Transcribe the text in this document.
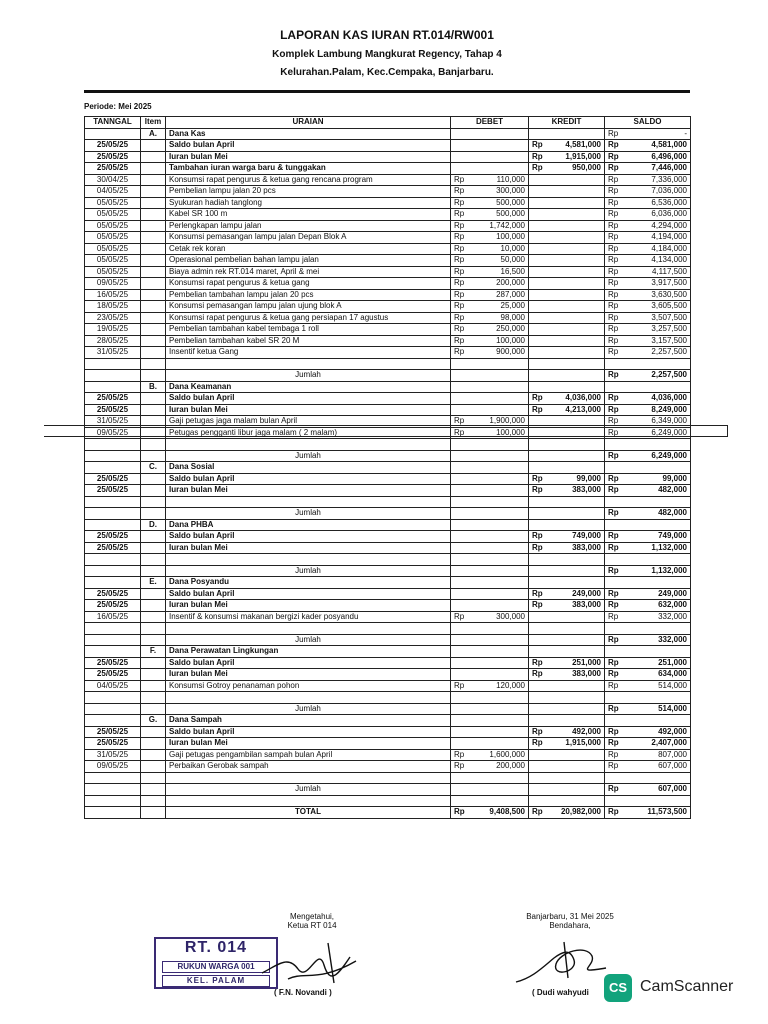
LAPORAN KAS IURAN RT.014/RW001
Komplek Lambung Mangkurat Regency, Tahap 4
Kelurahan.Palam, Kec.Cempaka, Banjarbaru.
Periode: Mei 2025
TANNGAL	Item	URAIAN	DEBET		KREDIT		SALDO	
	A.	Dana Kas					Rp	-
25/05/25		Saldo bulan April			Rp	4,581,000	Rp	4,581,000
25/05/25		Iuran bulan Mei			Rp	1,915,000	Rp	6,496,000
25/05/25		Tambahan iuran warga baru & tunggakan			Rp	950,000	Rp	7,446,000
30/04/25		Konsumsi rapat pengurus & ketua gang rencana program	Rp	110,000			Rp	7,336,000
04/05/25		Pembelian lampu jalan 20 pcs	Rp	300,000			Rp	7,036,000
05/05/25		Syukuran hadiah tanglong	Rp	500,000			Rp	6,536,000
05/05/25		Kabel SR 100 m	Rp	500,000			Rp	6,036,000
05/05/25		Perlengkapan lampu jalan	Rp	1,742,000			Rp	4,294,000
05/05/25		Konsumsi pemasangan lampu jalan Depan Blok A	Rp	100,000			Rp	4,194,000
05/05/25		Cetak rek koran	Rp	10,000			Rp	4,184,000
05/05/25		Operasional pembelian bahan lampu jalan	Rp	50,000			Rp	4,134,000
05/05/25		Biaya admin rek RT.014 maret, April & mei	Rp	16,500			Rp	4,117,500
09/05/25		Konsumsi rapat pengurus & ketua gang	Rp	200,000			Rp	3,917,500
16/05/25		Pembelian tambahan lampu jalan 20 pcs	Rp	287,000			Rp	3,630,500
18/05/25		Konsumsi pemasangan lampu jalan ujung blok A	Rp	25,000			Rp	3,605,500
23/05/25		Konsumsi rapat pengurus & ketua gang persiapan 17 agustus	Rp	98,000			Rp	3,507,500
19/05/25		Pembelian tambahan kabel tembaga 1 roll	Rp	250,000			Rp	3,257,500
28/05/25		Pembelian tambahan kabel SR 20 M	Rp	100,000			Rp	3,157,500
31/05/25		Insentif ketua Gang	Rp	900,000			Rp	2,257,500

		Jumlah					Rp	2,257,500
	B.	Dana Keamanan						
25/05/25		Saldo bulan April			Rp	4,036,000	Rp	4,036,000
25/05/25		Iuran bulan Mei			Rp	4,213,000	Rp	8,249,000
31/05/25		Gaji petugas jaga malam bulan April	Rp	1,900,000			Rp	6,349,000
09/05/25		Petugas pengganti libur jaga malam ( 2 malam)	Rp	100,000			Rp	6,249,000

		Jumlah					Rp	6,249,000
	C.	Dana Sosial						
25/05/25		Saldo bulan April			Rp	99,000	Rp	99,000
25/05/25		Iuran bulan Mei			Rp	383,000	Rp	482,000

		Jumlah					Rp	482,000
	D.	Dana PHBA						
25/05/25		Saldo bulan April			Rp	749,000	Rp	749,000
25/05/25		Iuran bulan Mei			Rp	383,000	Rp	1,132,000

		Jumlah					Rp	1,132,000
	E.	Dana Posyandu						
25/05/25		Saldo bulan April			Rp	249,000	Rp	249,000
25/05/25		Iuran bulan Mei			Rp	383,000	Rp	632,000
16/05/25		Insentif & konsumsi makanan bergizi kader posyandu	Rp	300,000			Rp	332,000

		Jumlah					Rp	332,000
	F.	Dana Perawatan Lingkungan						
25/05/25		Saldo bulan April			Rp	251,000	Rp	251,000
25/05/25		Iuran bulan Mei			Rp	383,000	Rp	634,000
04/05/25		Konsumsi Gotroy penanaman pohon	Rp	120,000			Rp	514,000

		Jumlah					Rp	514,000
	G.	Dana Sampah						
25/05/25		Saldo bulan April			Rp	492,000	Rp	492,000
25/05/25		Iuran bulan Mei			Rp	1,915,000	Rp	2,407,000
31/05/25		Gaji petugas pengambilan sampah bulan April	Rp	1,600,000			Rp	807,000
09/05/25		Perbaikan Gerobak sampah	Rp	200,000			Rp	607,000

		Jumlah					Rp	607,000

		TOTAL	Rp	9,408,500	Rp	20,982,000	Rp	11,573,500
Mengetahui,
Ketua RT 014
Banjarbaru, 31 Mei 2025
Bendahara,
RT. 014
RUKUN WARGA 001
KEL. PALAM
( F.N. Novandi )	( Dudi wahyudi	CS CamScanner
